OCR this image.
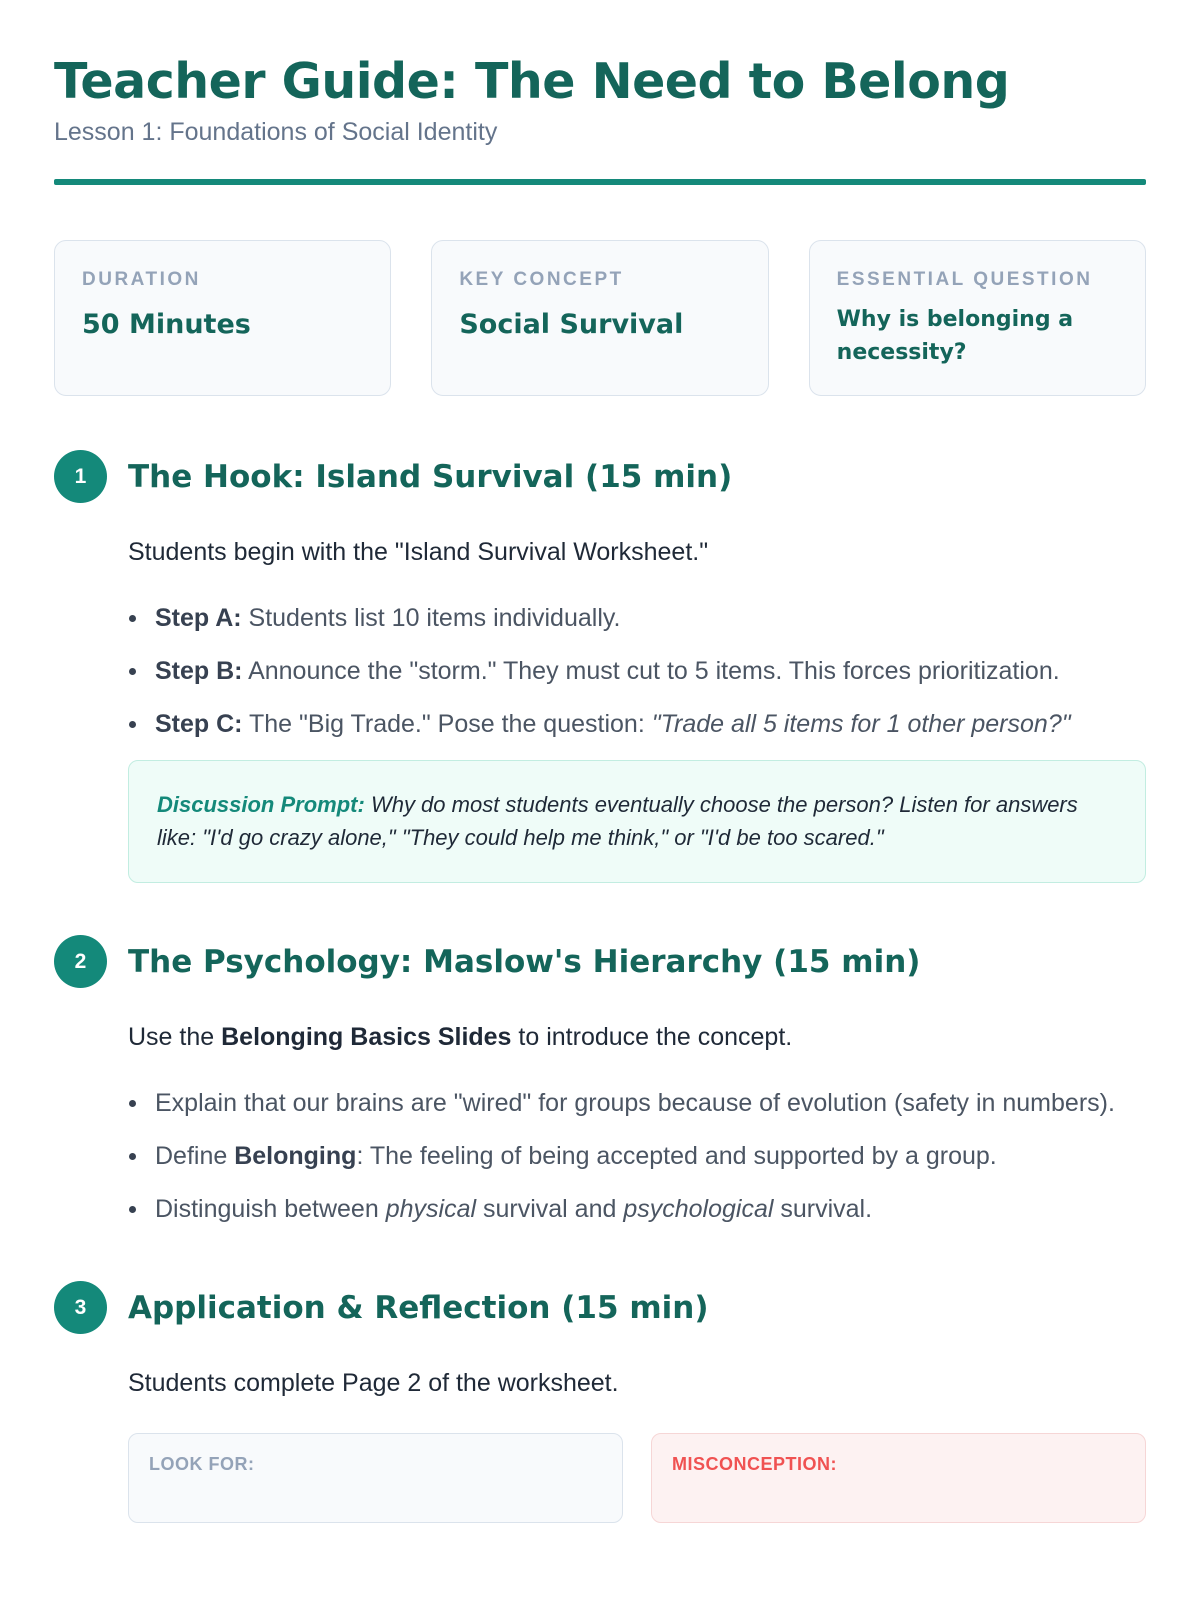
Teacher Guide: The Need to Belong
Lesson 1: Foundations of Social Identity
DURATION
50 Minutes
KEY CONCEPT
Social Survival
ESSENTIAL QUESTION
Why is belonging a necessity?
1	The Hook: Island Survival (15 min)

Students begin with the "Island Survival Worksheet."

Step A: Students list 10 items individually.
Step B: Announce the "storm." They must cut to 5 items. This forces prioritization.
Step C: The "Big Trade." Pose the question: "Trade all 5 items for 1 other person?"
Discussion Prompt: Why do most students eventually choose the person? Listen for answers like: "I'd go crazy alone," "They could help me think," or "I'd be too scared."
2	The Psychology: Maslow's Hierarchy (15 min)

Use the Belonging Basics Slides to introduce the concept.

Explain that our brains are "wired" for groups because of evolution (safety in numbers).
Define Belonging: The feeling of being accepted and supported by a group.
Distinguish between physical survival and psychological survival.
3	Application & Reflection (15 min)

Students complete Page 2 of the worksheet.

LOOK FOR:	MISCONCEPTION:
